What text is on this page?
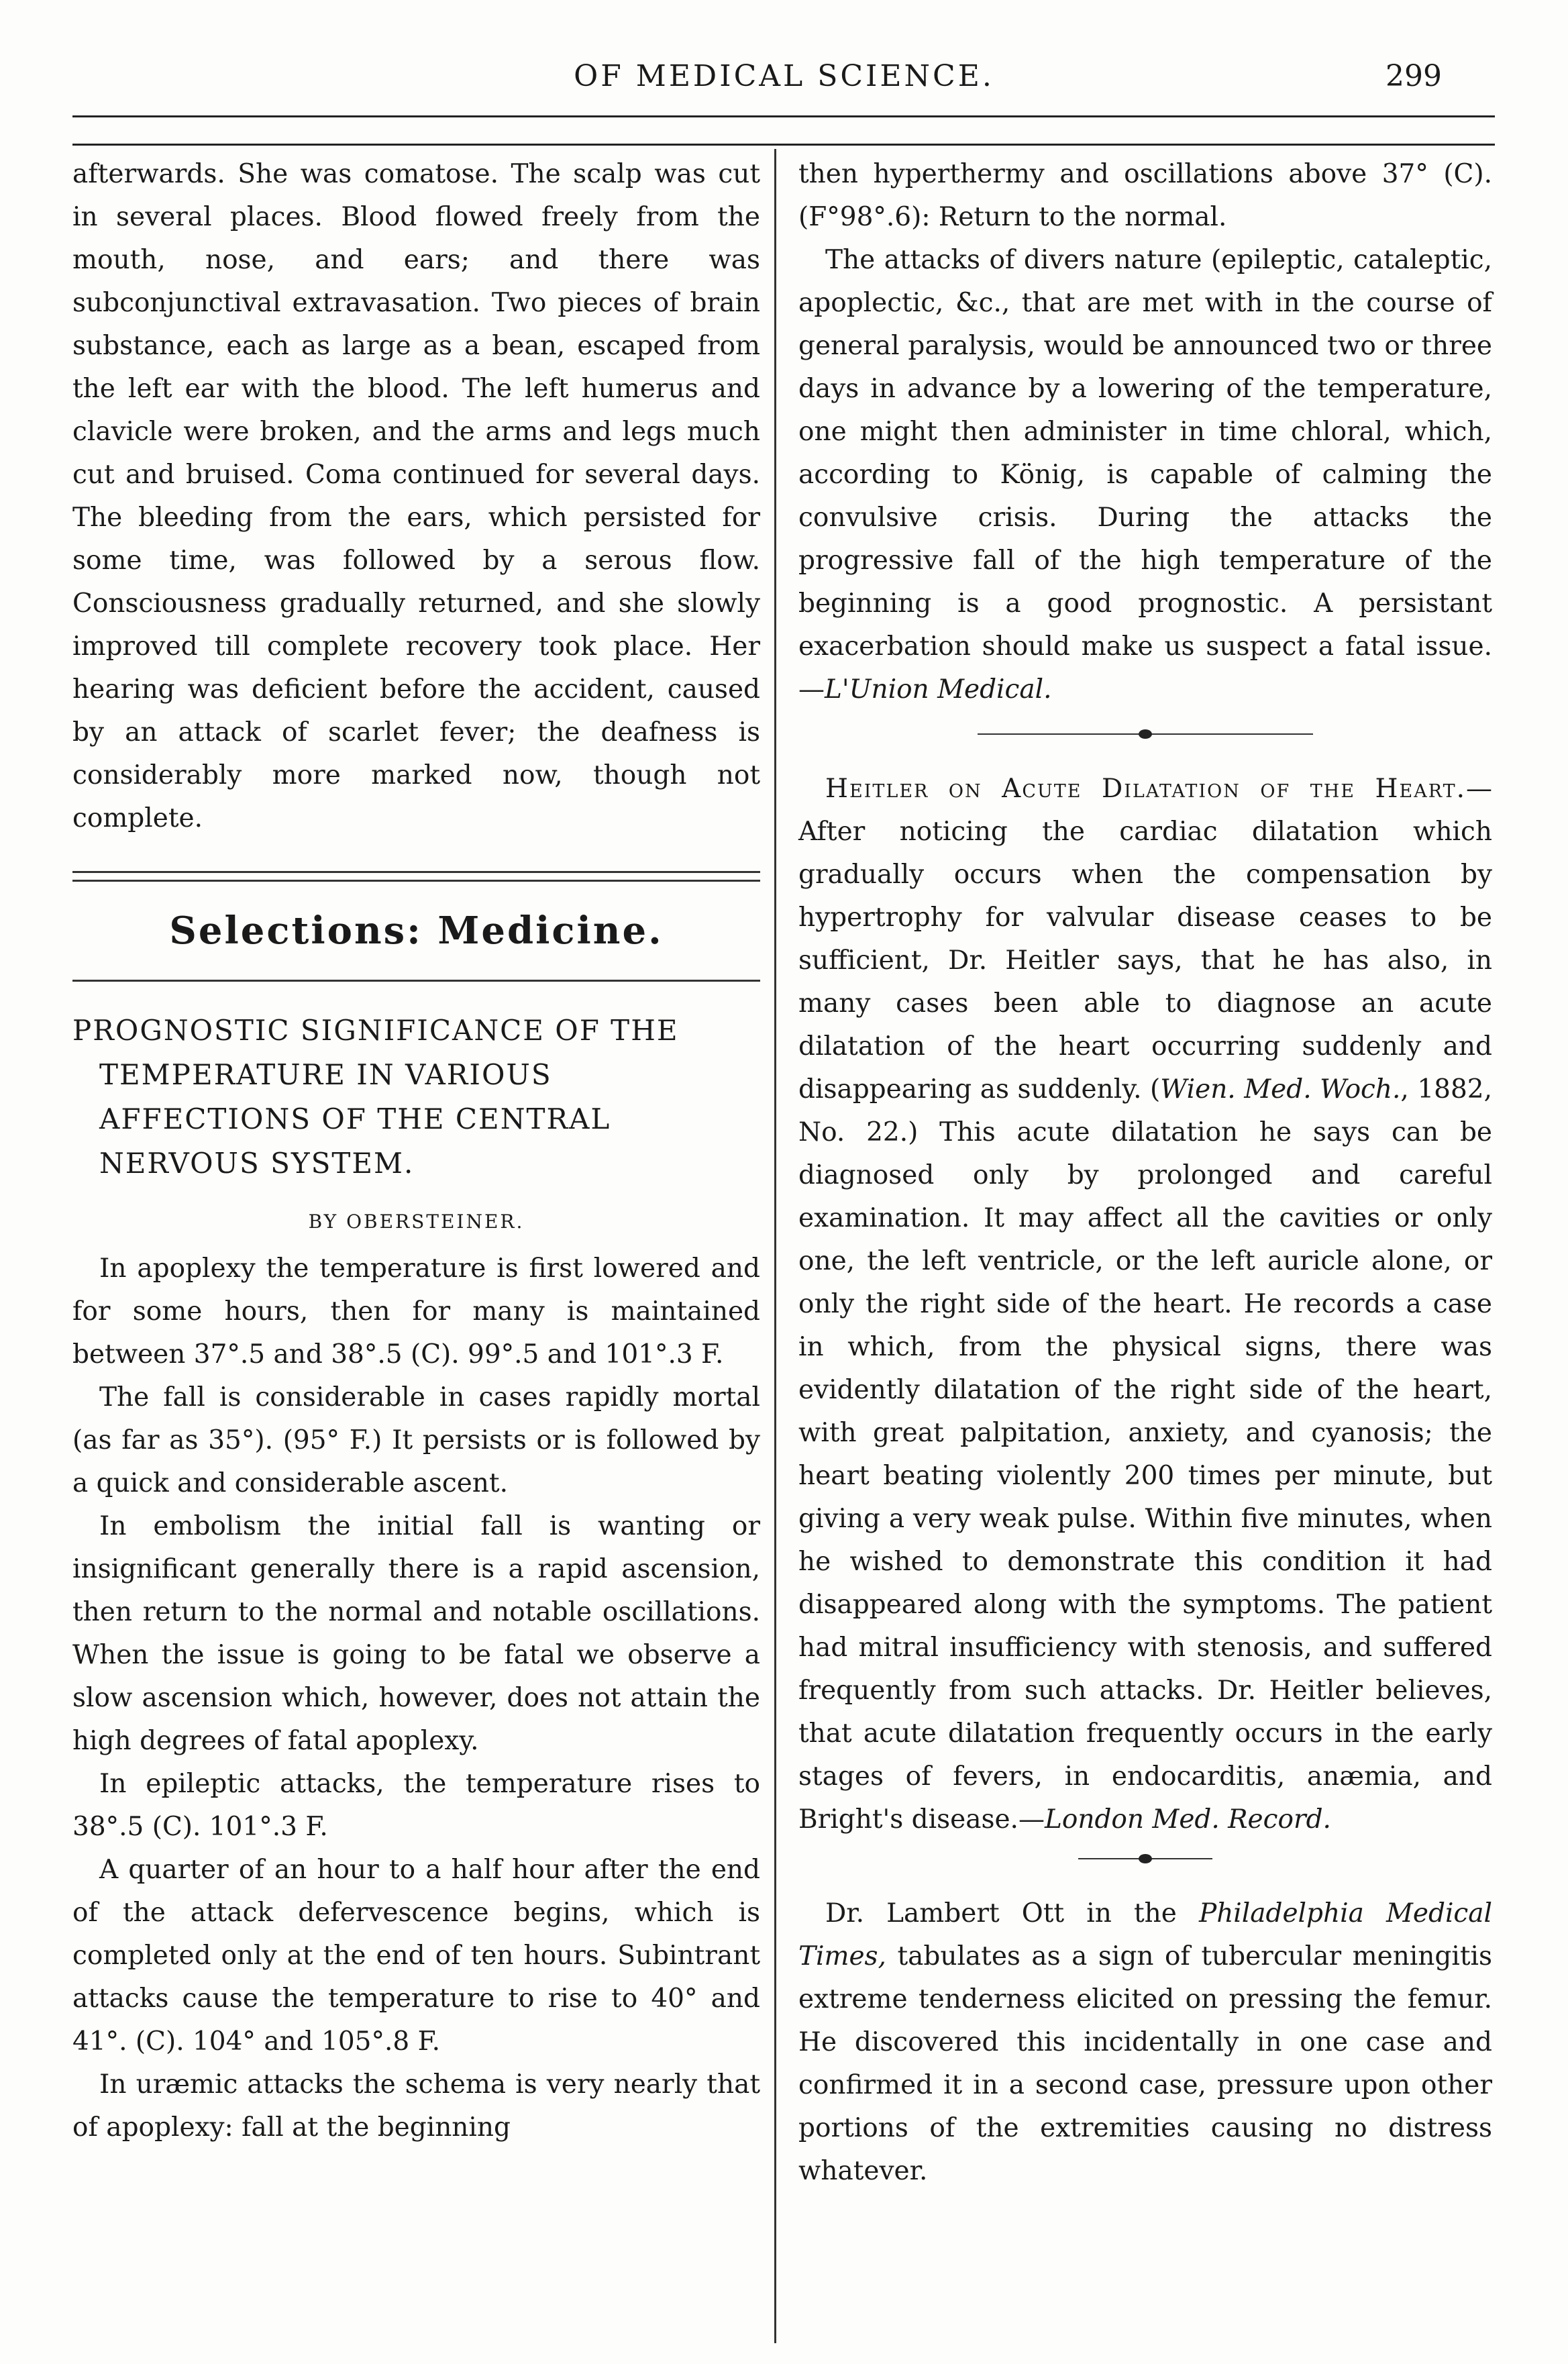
OF MEDICAL SCIENCE.	299

afterwards. She was comatose. The scalp was cut in several places. Blood flowed freely from the mouth, nose, and ears; and there was subconjunctival extravasation. Two pieces of brain substance, each as large as a bean, escaped from the left ear with the blood. The left humerus and clavicle were broken, and the arms and legs much cut and bruised. Coma continued for several days. The bleeding from the ears, which persisted for some time, was followed by a serous flow. Consciousness gradually returned, and she slowly improved till complete recovery took place. Her hearing was deficient before the accident, caused by an attack of scarlet fever; the deafness is considerably more marked now, though not complete.

Selections: Medicine.
PROGNOSTIC SIGNIFICANCE OF THE TEMPERATURE IN VARIOUS AFFECTIONS OF THE CENTRAL NERVOUS SYSTEM.
BY OBERSTEINER.

In apoplexy the temperature is first lowered and for some hours, then for many is maintained between 37°.5 and 38°.5 (C). 99°.5 and 101°.3 F.

The fall is considerable in cases rapidly mortal (as far as 35°). (95° F.) It persists or is followed by a quick and considerable ascent.

In embolism the initial fall is wanting or insignificant generally there is a rapid ascension, then return to the normal and notable oscillations. When the issue is going to be fatal we observe a slow ascension which, however, does not attain the high degrees of fatal apoplexy.

In epileptic attacks, the temperature rises to 38°.5 (C). 101°.3 F.

A quarter of an hour to a half hour after the end of the attack defervescence begins, which is completed only at the end of ten hours. Subintrant attacks cause the temperature to rise to 40° and 41°. (C). 104° and 105°.8 F.

In uræmic attacks the schema is very nearly that of apoplexy: fall at the beginning

then hyperthermy and oscillations above 37° (C). (F°98°.6): Return to the normal.

The attacks of divers nature (epileptic, cataleptic, apoplectic, &c., that are met with in the course of general paralysis, would be announced two or three days in advance by a lowering of the temperature, one might then administer in time chloral, which, according to König, is capable of calming the convulsive crisis. During the attacks the progressive fall of the high temperature of the beginning is a good prognostic. A persistant exacerbation should make us suspect a fatal issue.—L'Union Medical.

Heitler on Acute Dilatation of the Heart.—After noticing the cardiac dilatation which gradually occurs when the compensation by hypertrophy for valvular disease ceases to be sufficient, Dr. Heitler says, that he has also, in many cases been able to diagnose an acute dilatation of the heart occurring suddenly and disappearing as suddenly. (Wien. Med. Woch., 1882, No. 22.) This acute dilatation he says can be diagnosed only by prolonged and careful examination. It may affect all the cavities or only one, the left ventricle, or the left auricle alone, or only the right side of the heart. He records a case in which, from the physical signs, there was evidently dilatation of the right side of the heart, with great palpitation, anxiety, and cyanosis; the heart beating violently 200 times per minute, but giving a very weak pulse. Within five minutes, when he wished to demonstrate this condition it had disappeared along with the symptoms. The patient had mitral insufficiency with stenosis, and suffered frequently from such attacks. Dr. Heitler believes, that acute dilatation frequently occurs in the early stages of fevers, in endocarditis, anæmia, and Bright's disease.—London Med. Record.

Dr. Lambert Ott in the Philadelphia Medical Times, tabulates as a sign of tubercular meningitis extreme tenderness elicited on pressing the femur. He discovered this incidentally in one case and confirmed it in a second case, pressure upon other portions of the extremities causing no distress whatever.
